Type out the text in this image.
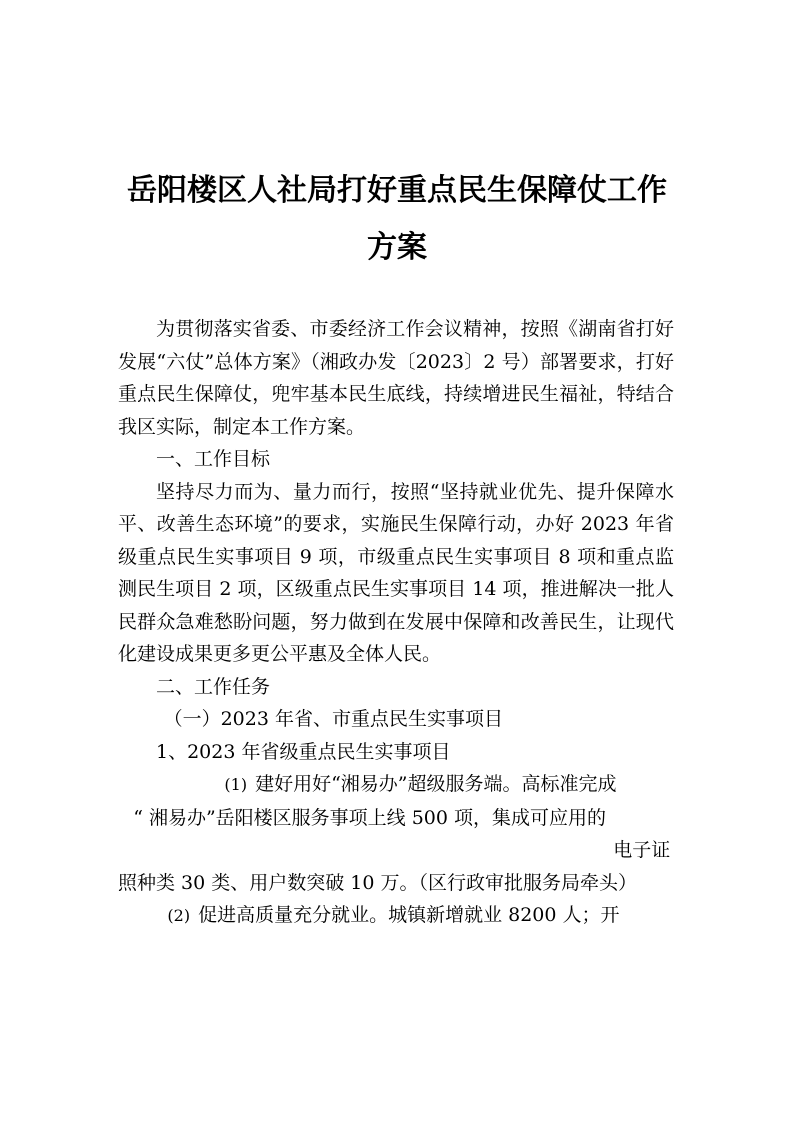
岳阳楼区人社局打好重点民生保障仗工作
方案

为贯彻落实省委、市委经济工作会议精神，按照《湖南省打好发展“六仗”总体方案》（湘政办发〔2023〕2 号）部署要求，打好重点民生保障仗，兜牢基本民生底线，持续增进民生福祉，特结合我区实际，制定本工作方案。

一、工作目标

坚持尽力而为、量力而行，按照“坚持就业优先、提升保障水平、改善生态环境”的要求，实施民生保障行动，办好 2023 年省级重点民生实事项目 9 项，市级重点民生实事项目 8 项和重点监测民生项目 2 项，区级重点民生实事项目 14 项，推进解决一批人民群众急难愁盼问题，努力做到在发展中保障和改善民生，让现代化建设成果更多更公平惠及全体人民。

二、工作任务

（一）2023 年省、市重点民生实事项目

1、2023 年省级重点民生实事项目

(1) 建好用好“湘易办”超级服务端。高标准完成
“ 湘易办”岳阳楼区服务事项上线 500 项，集成可应用的
电子证
照种类 30 类、用户数突破 10 万。（区行政审批服务局牵头）
(2) 促进高质量充分就业。城镇新增就业 8200 人；开
